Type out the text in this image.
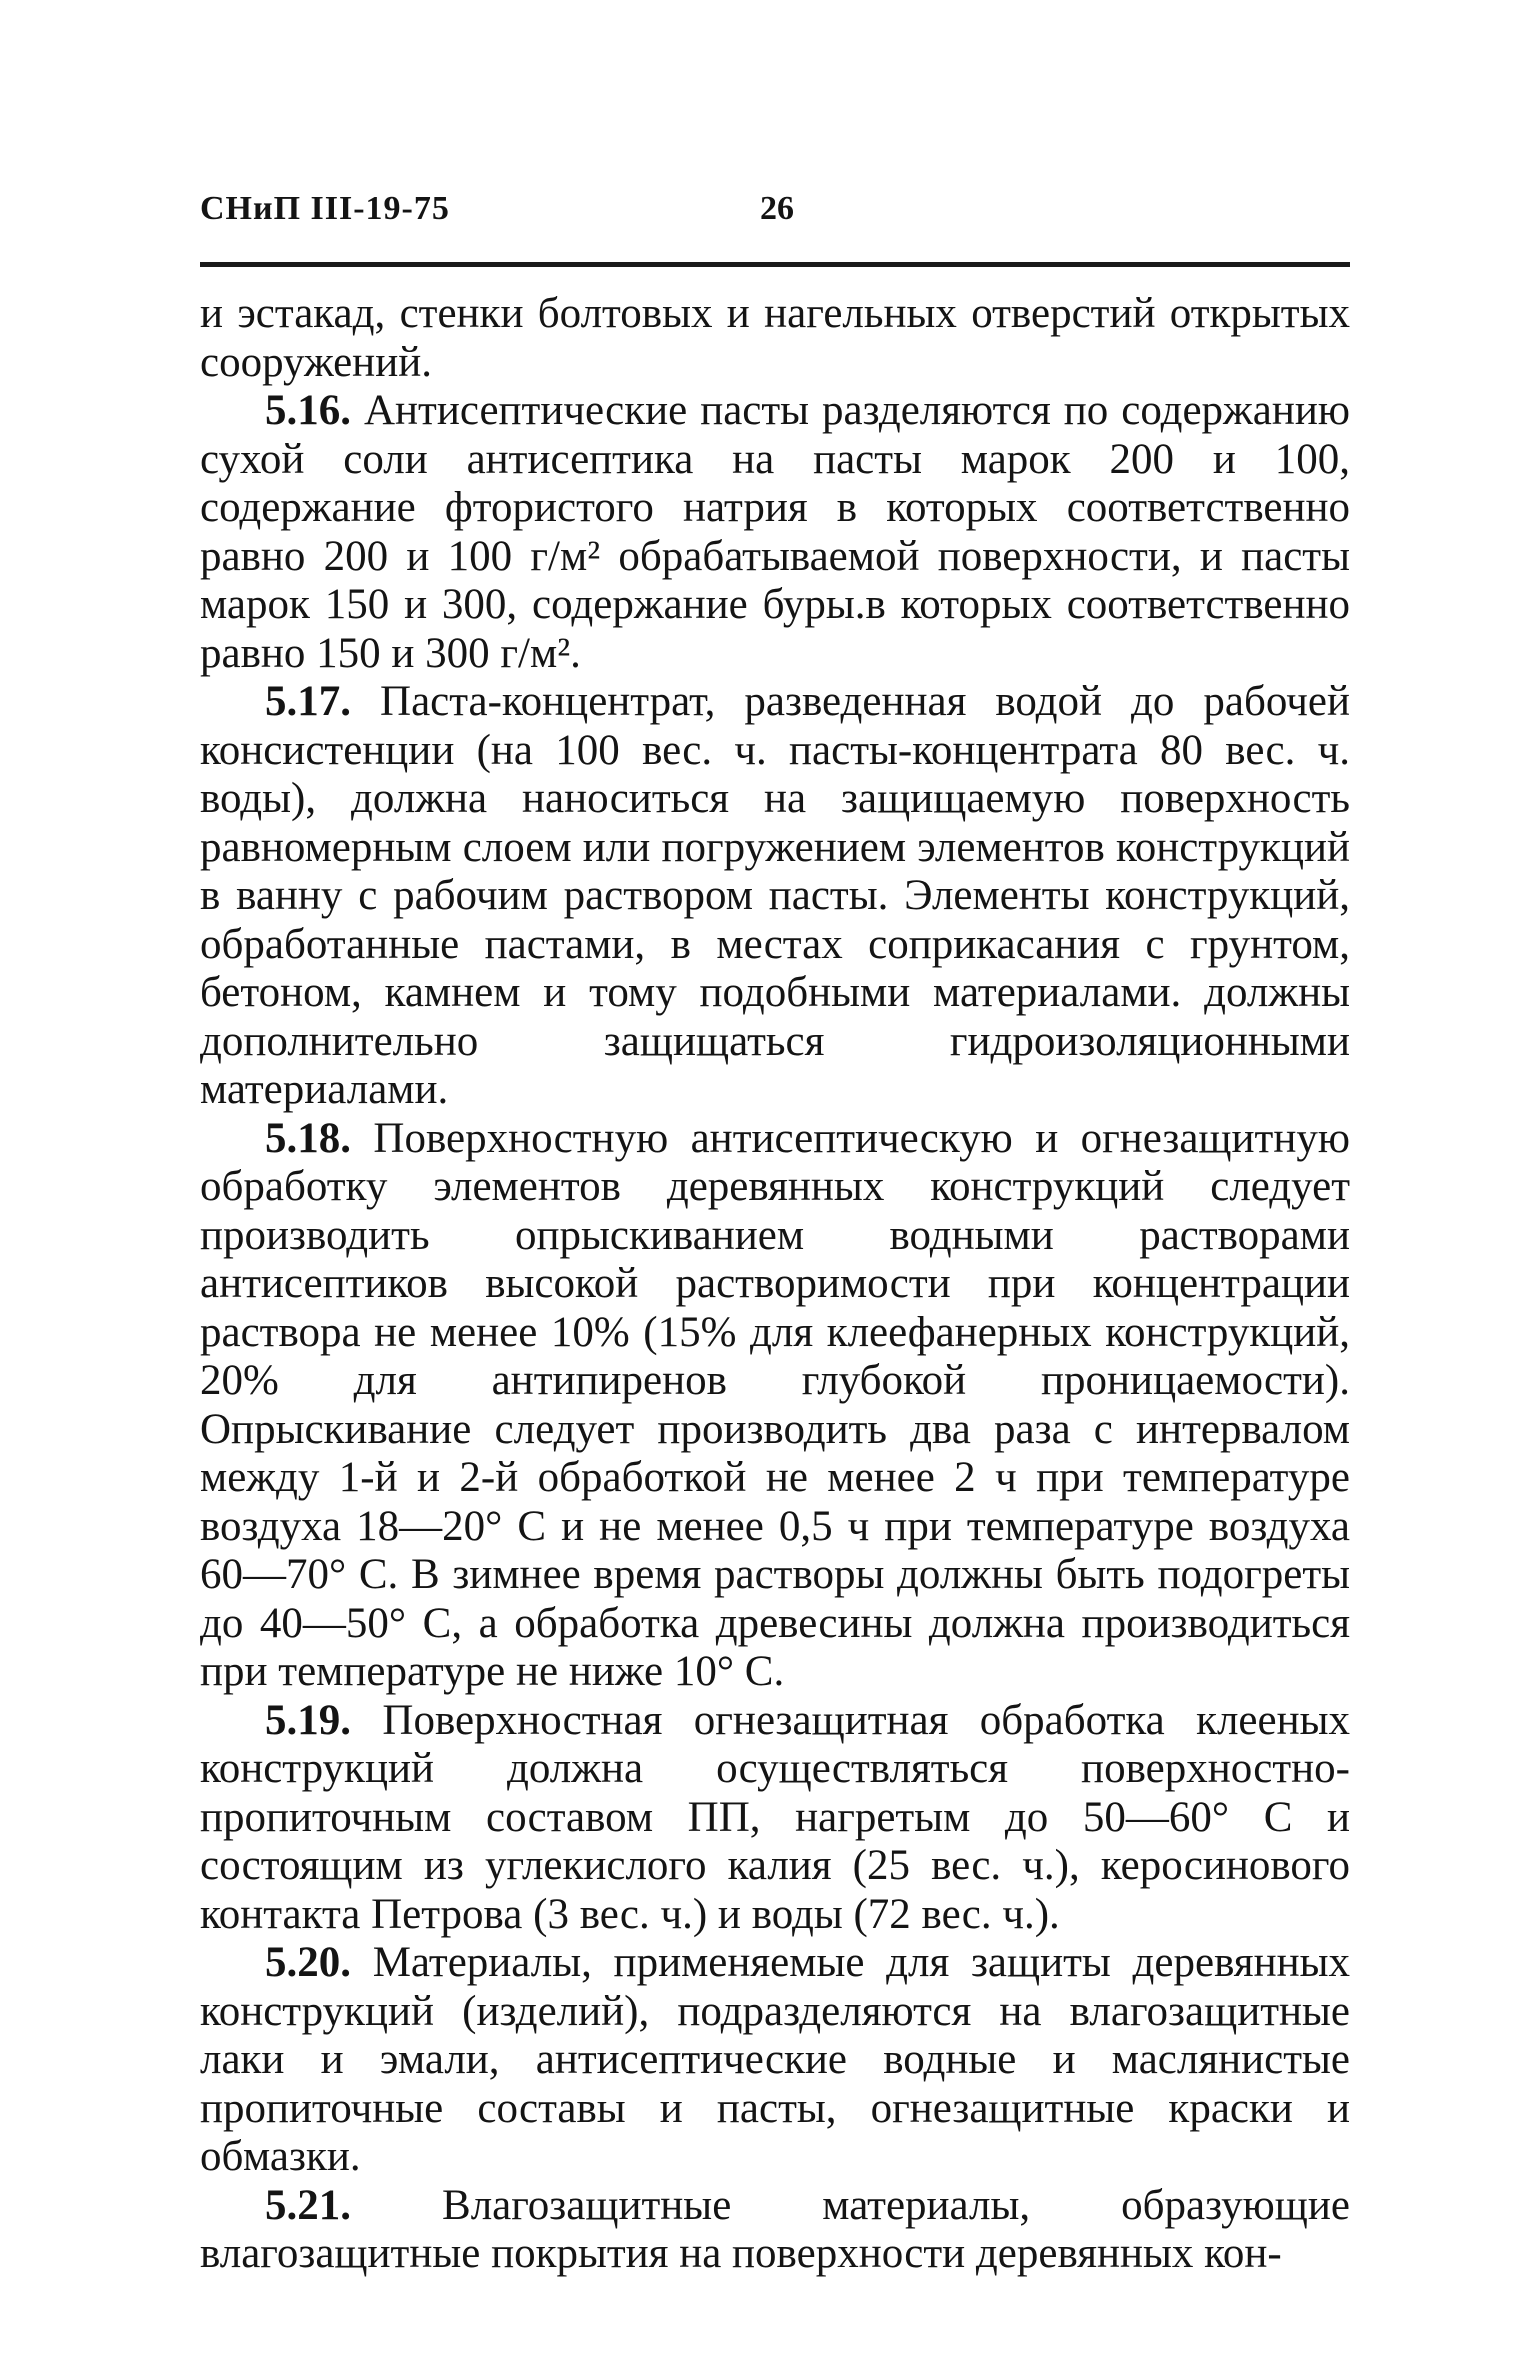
СНиП III-19-75	26

и эстакад, стенки болтовых и нагельных отверстий открытых сооружений.

5.16. Антисептические пасты разделяются по содержанию сухой соли антисептика на пасты марок 200 и 100, содержание фтористого натрия в которых соответственно равно 200 и 100 г/м² обрабатываемой поверхности, и пасты марок 150 и 300, содержание буры.в которых соответственно равно 150 и 300 г/м².

5.17. Паста-концентрат, разведенная водой до рабочей консистенции (на 100 вес. ч. пасты-концентрата 80 вес. ч. воды), должна наноситься на защищаемую поверхность равномерным слоем или погружением элементов конструкций в ванну с рабочим раствором пасты. Элементы конструкций, обработанные пастами, в местах соприкасания с грунтом, бетоном, камнем и тому подобными материалами. должны дополнительно защищаться гидроизоляционными материалами.

5.18. Поверхностную антисептическую и огнезащитную обработку элементов деревянных конструкций следует производить опрыскиванием водными растворами антисептиков высокой растворимости при концентрации раствора не менее 10% (15% для клеефанерных конструкций, 20% для антипиренов глубокой проницаемости). Опрыскивание следует производить два раза с интервалом между 1-й и 2-й обработкой не менее 2 ч при температуре воздуха 18—20° С и не менее 0,5 ч при температуре воздуха 60—70° С. В зимнее время растворы должны быть подогреты до 40—50° С, а обработка древесины должна производиться при температуре не ниже 10° С.

5.19. Поверхностная огнезащитная обработка клееных конструкций должна осуществляться поверхностно-пропиточным составом ПП, нагретым до 50—60° С и состоящим из углекислого калия (25 вес. ч.), керосинового контакта Петрова (3 вес. ч.) и воды (72 вес. ч.).

5.20. Материалы, применяемые для защиты деревянных конструкций (изделий), подразделяются на влагозащитные лаки и эмали, антисептические водные и маслянистые пропиточные составы и пасты, огнезащитные краски и обмазки.

5.21. Влагозащитные материалы, образующие влагозащитные покрытия на поверхности деревянных кон-
